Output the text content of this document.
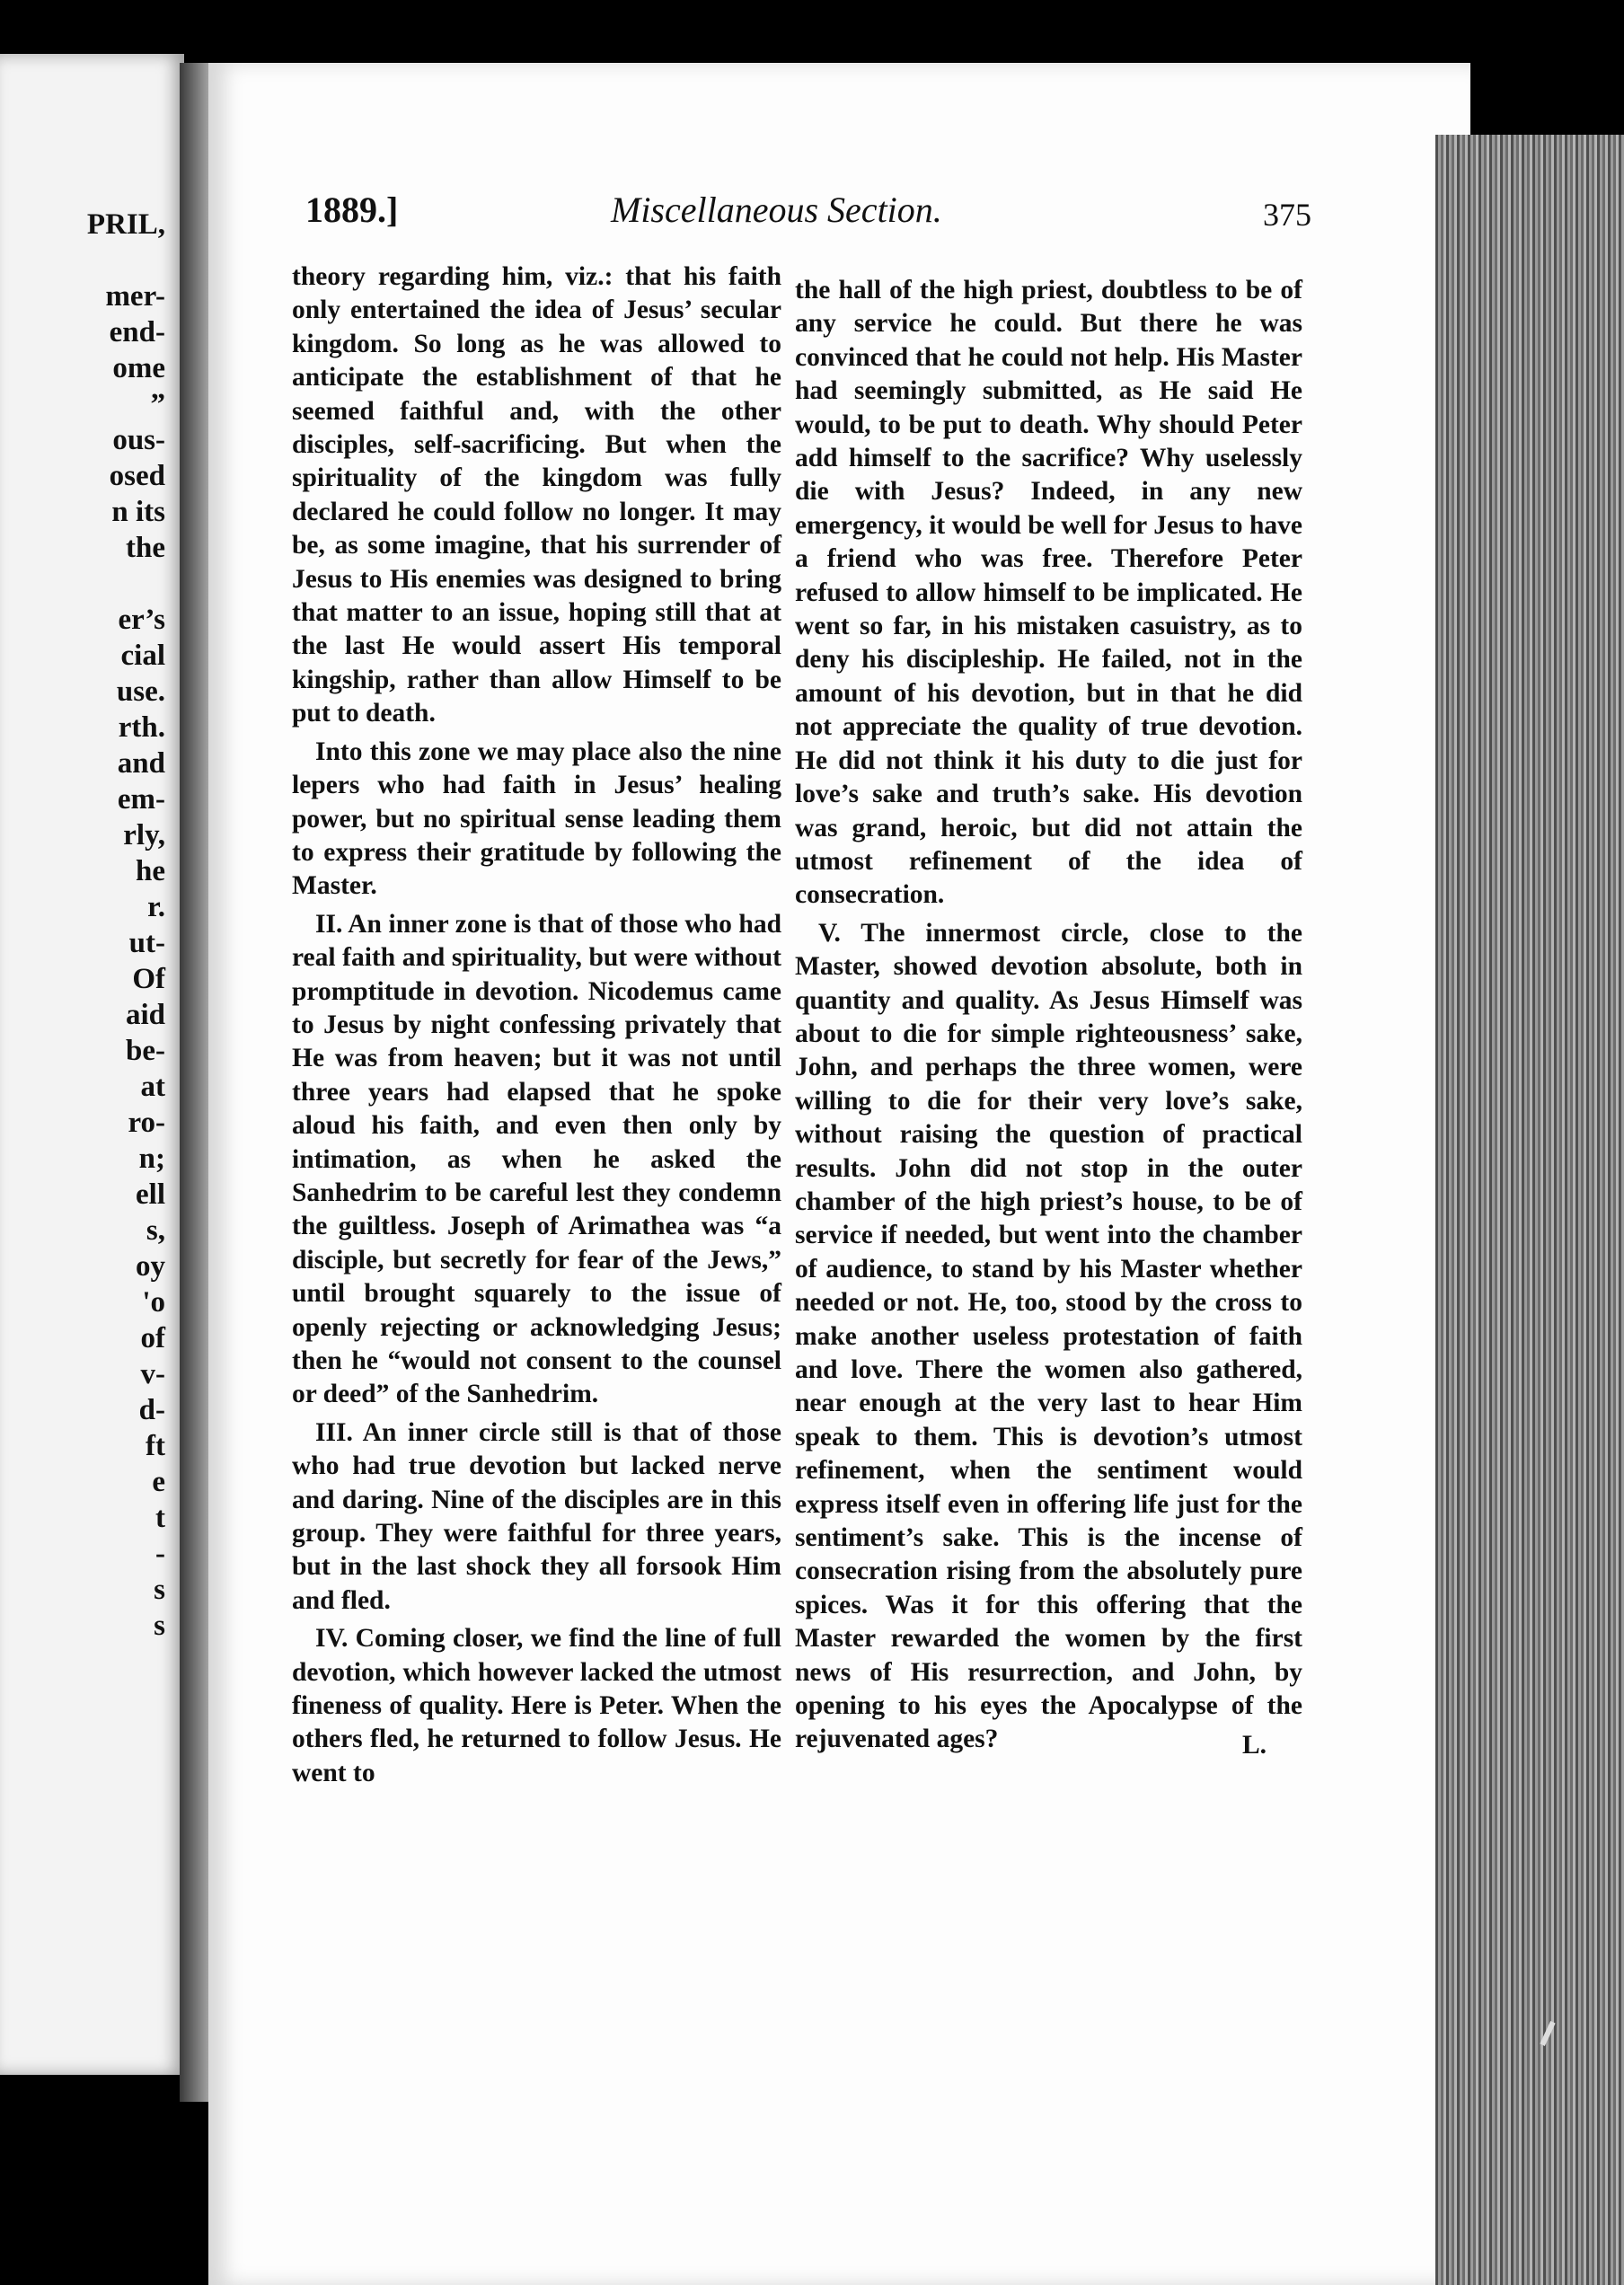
PRIL,

mer-
end-
ome
”
ous-
osed
n its
the

er’s
cial
use.
rth.
and
em-
rly,
he
r.
ut-
Of
aid
be-
at
ro-
n;
ell
s,
oy
'o
of
v-
d-
ft
e
t
-
s
s
1889.]	Miscellaneous Section.	375

theory regarding him, viz.: that his faith only entertained the idea of Jesus’ secular kingdom. So long as he was allowed to anticipate the establishment of that he seemed faithful and, with the other disciples, self-sacrificing. But when the spirituality of the kingdom was fully declared he could follow no longer. It may be, as some imagine, that his surrender of Jesus to His enemies was designed to bring that matter to an issue, hoping still that at the last He would assert His temporal kingship, rather than allow Himself to be put to death.

Into this zone we may place also the nine lepers who had faith in Jesus’ healing power, but no spiritual sense leading them to express their gratitude by following the Master.

II. An inner zone is that of those who had real faith and spirituality, but were without promptitude in devotion. Nicodemus came to Jesus by night confessing privately that He was from heaven; but it was not until three years had elapsed that he spoke aloud his faith, and even then only by intimation, as when he asked the Sanhedrim to be careful lest they condemn the guiltless. Joseph of Arimathea was “a disciple, but secretly for fear of the Jews,” until brought squarely to the issue of openly rejecting or acknowledging Jesus; then he “would not consent to the counsel or deed” of the Sanhedrim.

III. An inner circle still is that of those who had true devotion but lacked nerve and daring. Nine of the disciples are in this group. They were faithful for three years, but in the last shock they all forsook Him and fled.

IV. Coming closer, we find the line of full devotion, which however lacked the utmost fineness of quality. Here is Peter. When the others fled, he returned to follow Jesus. He went to

the hall of the high priest, doubtless to be of any service he could. But there he was convinced that he could not help. His Master had seemingly submitted, as He said He would, to be put to death. Why should Peter add himself to the sacrifice? Why uselessly die with Jesus? Indeed, in any new emergency, it would be well for Jesus to have a friend who was free. Therefore Peter refused to allow himself to be implicated. He went so far, in his mistaken casuistry, as to deny his discipleship. He failed, not in the amount of his devotion, but in that he did not appreciate the quality of true devotion. He did not think it his duty to die just for love’s sake and truth’s sake. His devotion was grand, heroic, but did not attain the utmost refinement of the idea of consecration.

V. The innermost circle, close to the Master, showed devotion absolute, both in quantity and quality. As Jesus Himself was about to die for simple righteousness’ sake, John, and perhaps the three women, were willing to die for their very love’s sake, without raising the question of practical results. John did not stop in the outer chamber of the high priest’s house, to be of service if needed, but went into the chamber of audience, to stand by his Master whether needed or not. He, too, stood by the cross to make another useless protestation of faith and love. There the women also gathered, near enough at the very last to hear Him speak to them. This is devotion’s utmost refinement, when the sentiment would express itself even in offering life just for the sentiment’s sake. This is the incense of consecration rising from the absolutely pure spices. Was it for this offering that the Master rewarded the women by the first news of His resurrection, and John, by opening to his eyes the Apocalypse of the rejuvenated ages?	L.
